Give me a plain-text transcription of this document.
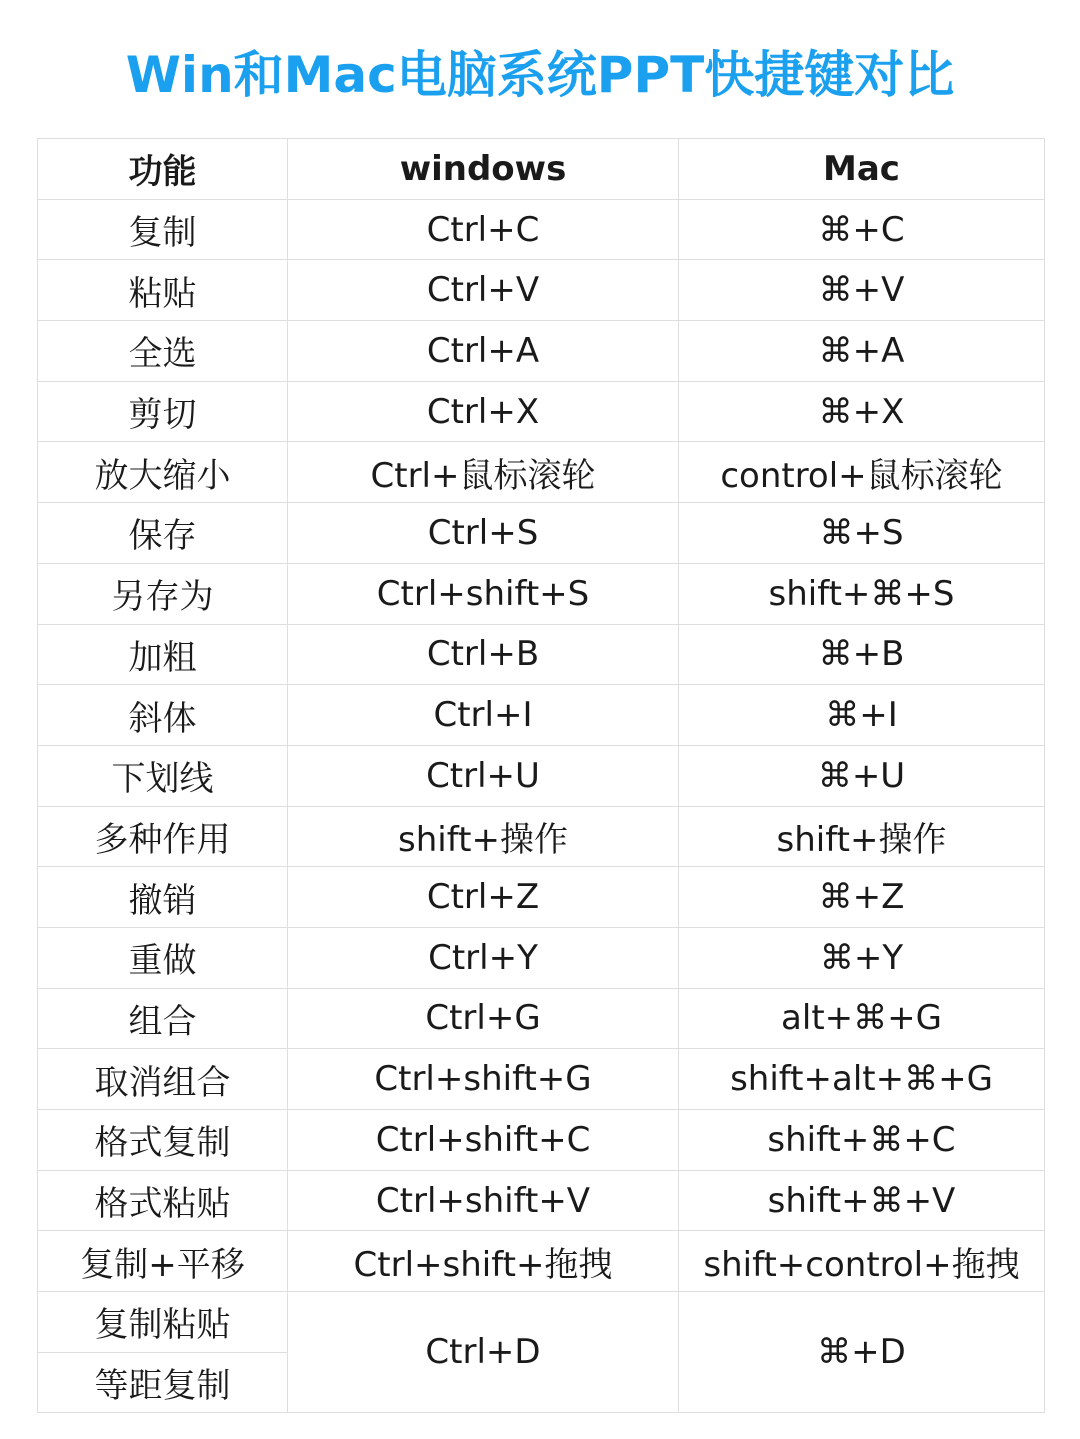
Win和Mac电脑系统PPT快捷键对比
功能	windows	Mac
复制	Ctrl+C	⌘+C
粘贴	Ctrl+V	⌘+V
全选	Ctrl+A	⌘+A
剪切	Ctrl+X	⌘+X
放大缩小	Ctrl+鼠标滚轮	control+鼠标滚轮
保存	Ctrl+S	⌘+S
另存为	Ctrl+shift+S	shift+⌘+S
加粗	Ctrl+B	⌘+B
斜体	Ctrl+I	⌘+I
下划线	Ctrl+U	⌘+U
多种作用	shift+操作	shift+操作
撤销	Ctrl+Z	⌘+Z
重做	Ctrl+Y	⌘+Y
组合	Ctrl+G	alt+⌘+G
取消组合	Ctrl+shift+G	shift+alt+⌘+G
格式复制	Ctrl+shift+C	shift+⌘+C
格式粘贴	Ctrl+shift+V	shift+⌘+V
复制+平移	Ctrl+shift+拖拽	shift+control+拖拽
复制粘贴	Ctrl+D	⌘+D
等距复制		
